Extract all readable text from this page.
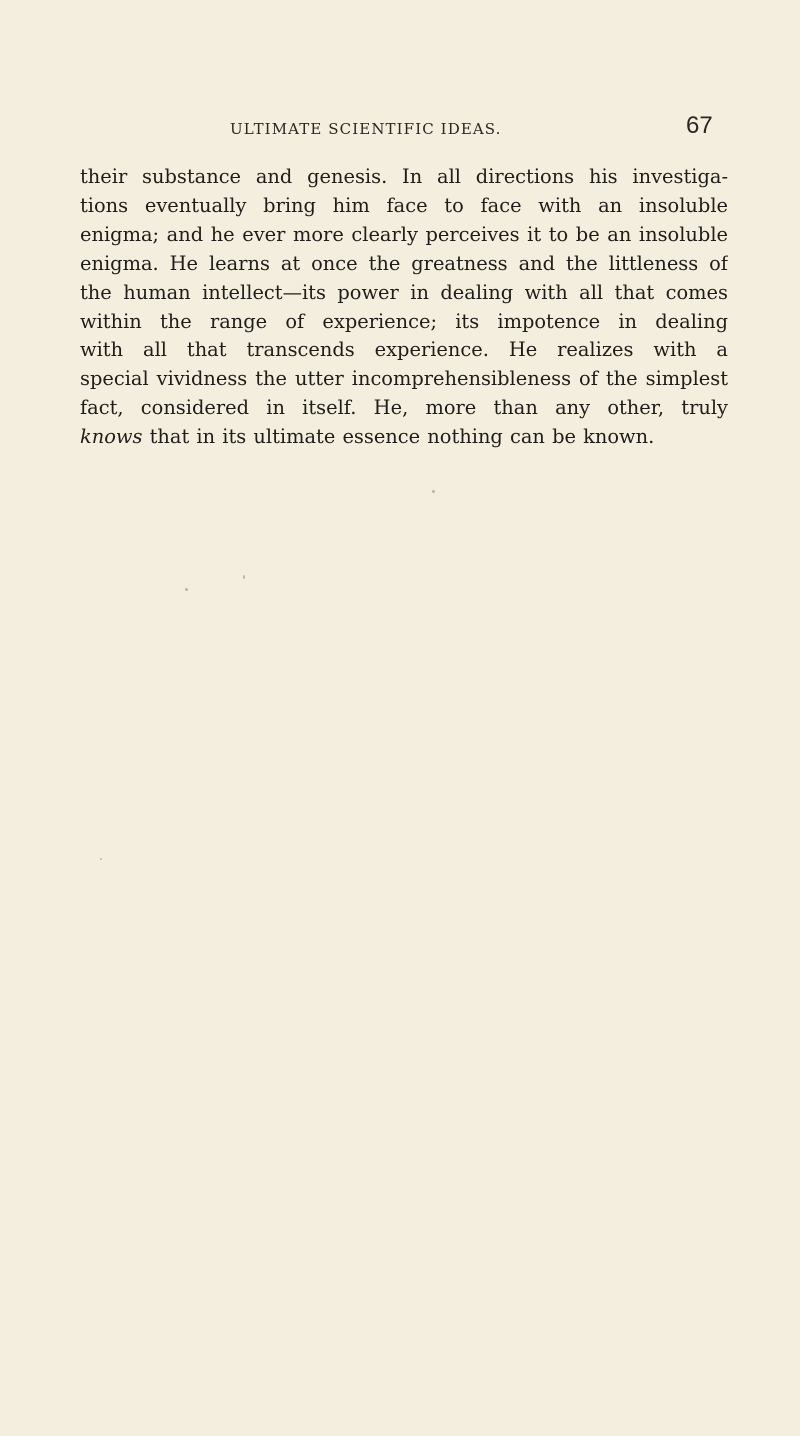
ULTIMATE SCIENTIFIC IDEAS.	67
their substance and genesis. In all directions his investiga-
tions eventually bring him face to face with an insoluble
enigma; and he ever more clearly perceives it to be an insoluble
enigma. He learns at once the greatness and the littleness of
the human intellect—its power in dealing with all that comes
within the range of experience; its impotence in dealing
with all that transcends experience. He realizes with a
special vividness the utter incomprehensibleness of the simplest
fact, considered in itself. He, more than any other, truly
knows that in its ultimate essence nothing can be known.
